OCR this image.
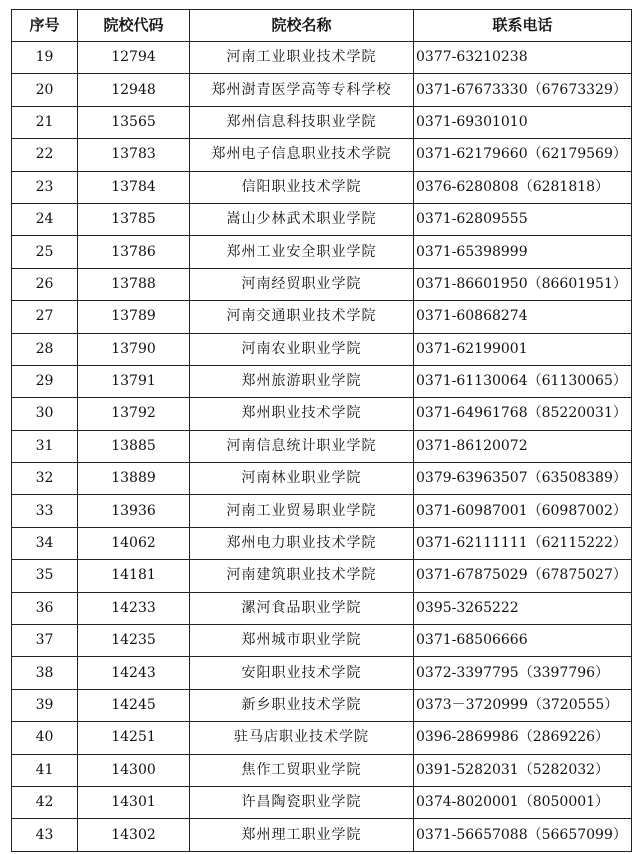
序号	院校代码	院校名称	联系电话
19	12794	河南工业职业技术学院	0377-63210238
20	12948	郑州澍青医学高等专科学校	0371-67673330（67673329）
21	13565	郑州信息科技职业学院	0371-69301010
22	13783	郑州电子信息职业技术学院	0371-62179660（62179569）
23	13784	信阳职业技术学院	0376-6280808（6281818）
24	13785	嵩山少林武术职业学院	0371-62809555
25	13786	郑州工业安全职业学院	0371-65398999
26	13788	河南经贸职业学院	0371-86601950（86601951）
27	13789	河南交通职业技术学院	0371-60868274
28	13790	河南农业职业学院	0371-62199001
29	13791	郑州旅游职业学院	0371-61130064（61130065）
30	13792	郑州职业技术学院	0371-64961768（85220031）
31	13885	河南信息统计职业学院	0371-86120072
32	13889	河南林业职业学院	0379-63963507（63508389）
33	13936	河南工业贸易职业学院	0371-60987001（60987002）
34	14062	郑州电力职业技术学院	0371-62111111（62115222）
35	14181	河南建筑职业技术学院	0371-67875029（67875027）
36	14233	漯河食品职业学院	0395-3265222
37	14235	郑州城市职业学院	0371-68506666
38	14243	安阳职业技术学院	0372-3397795（3397796）
39	14245	新乡职业技术学院	0373－3720999（3720555）
40	14251	驻马店职业技术学院	0396-2869986（2869226）
41	14300	焦作工贸职业学院	0391-5282031（5282032）
42	14301	许昌陶瓷职业学院	0374-8020001（8050001）
43	14302	郑州理工职业学院	0371-56657088（56657099）
